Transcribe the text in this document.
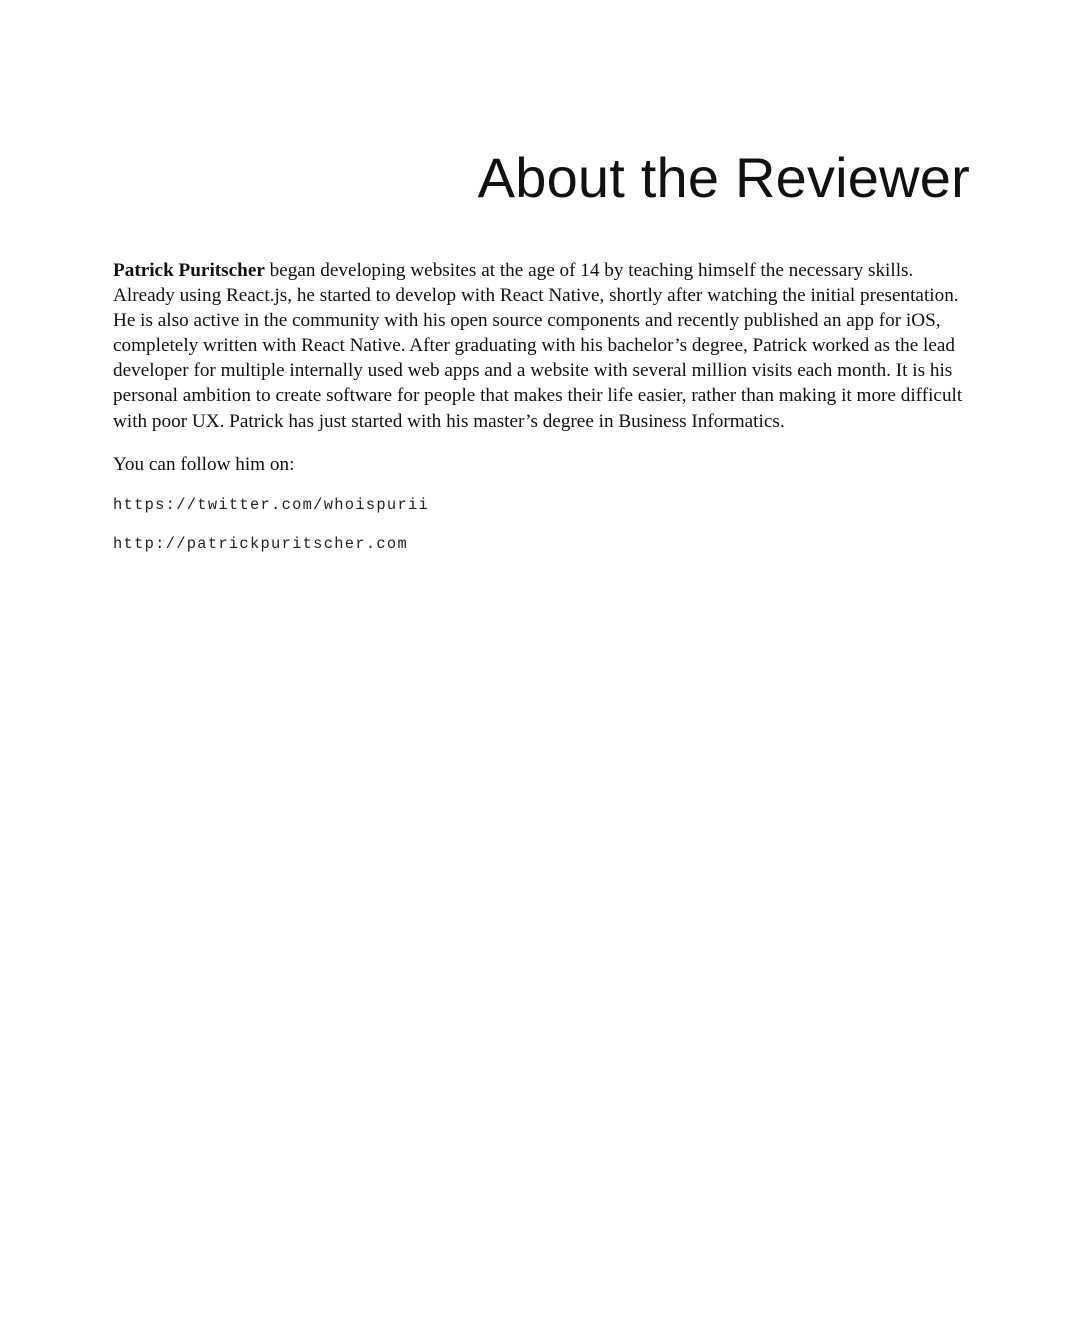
About the Reviewer

Patrick Puritscher began developing websites at the age of 14 by teaching himself the necessary skills. Already using React.js, he started to develop with React Native, shortly after watching the initial presentation. He is also active in the community with his open source components and recently published an app for iOS, completely written with React Native. After graduating with his bachelor’s degree, Patrick worked as the lead developer for multiple internally used web apps and a website with several million visits each month. It is his personal ambition to create software for people that makes their life easier, rather than making it more difficult with poor UX. Patrick has just started with his master’s degree in Business Informatics.

You can follow him on:

https://twitter.com/whoispurii
http://patrickpuritscher.com
